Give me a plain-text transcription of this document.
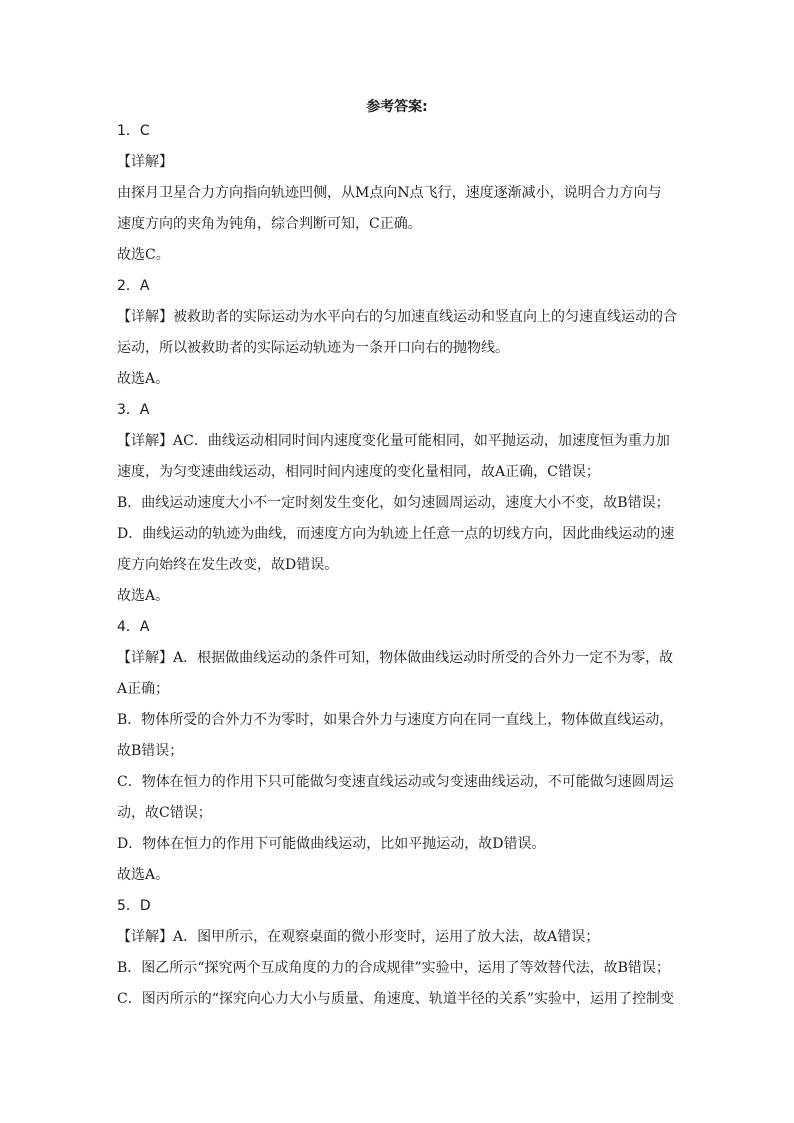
参考答案:
1．C
【详解】
由探月卫星合力方向指向轨迹凹侧，从M点向N点飞行，速度逐渐减小，说明合力方向与
速度方向的夹角为钝角，综合判断可知，C正确。
故选C。
2．A
【详解】被救助者的实际运动为水平向右的匀加速直线运动和竖直向上的匀速直线运动的合
运动，所以被救助者的实际运动轨迹为一条开口向右的抛物线。
故选A。
3．A
【详解】AC．曲线运动相同时间内速度变化量可能相同，如平抛运动，加速度恒为重力加
速度，为匀变速曲线运动，相同时间内速度的变化量相同，故A正确，C错误；
B．曲线运动速度大小不一定时刻发生变化，如匀速圆周运动，速度大小不变，故B错误；
D．曲线运动的轨迹为曲线，而速度方向为轨迹上任意一点的切线方向，因此曲线运动的速
度方向始终在发生改变，故D错误。
故选A。
4．A
【详解】A．根据做曲线运动的条件可知，物体做曲线运动时所受的合外力一定不为零，故
A正确；
B．物体所受的合外力不为零时，如果合外力与速度方向在同一直线上，物体做直线运动，
故B错误；
C．物体在恒力的作用下只可能做匀变速直线运动或匀变速曲线运动，不可能做匀速圆周运
动，故C错误；
D．物体在恒力的作用下可能做曲线运动，比如平抛运动，故D错误。
故选A。
5．D
【详解】A．图甲所示，在观察桌面的微小形变时，运用了放大法，故A错误；
B．图乙所示“探究两个互成角度的力的合成规律”实验中，运用了等效替代法，故B错误；
C．图丙所示的“探究向心力大小与质量、角速度、轨道半径的关系”实验中，运用了控制变
